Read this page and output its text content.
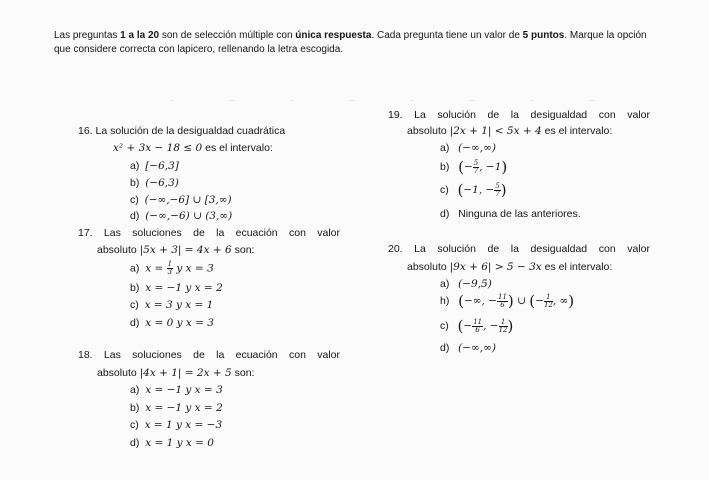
Las preguntas 1 a la 20 son de selección múltiple con única respuesta. Cada pregunta tiene un valor de 5 puntos. Marque la opción que considere correcta con lapicero, rellenando la letra escogida.
16. La solución de la desigualdad cuadrática
x² + 3x − 18 ≤ 0 es el intervalo:
a) [−6,3]
b) (−6,3)
c) (−∞,−6] ∪ [3,∞)
d) (−∞,−6) ∪ (3,∞)
17. Las soluciones de la ecuación con valor
absoluto |5x + 3| = 4x + 6 son:
a) $x = \frac{1}{3}$ y x = 3
b) x = −1 y x = 2
c) x = 3 y x = 1
d) x = 0 y x = 3
18. Las soluciones de la ecuación con valor
absoluto |4x + 1| = 2x + 5 son:
a) x = −1 y x = 3
b) x = −1 y x = 2
c) x = 1 y x = −3
d) x = 1 y x = 0
19. La solución de la desigualdad con valor
absoluto |2x + 1| < 5x + 4 es el intervalo:
a) (−∞,∞)
b) (− $\frac{5}{7}$ , −1)
c) (−1, − $\frac{5}{7}$ )
d) Ninguna de las anteriores.
20. La solución de la desigualdad con valor
absoluto |9x + 6| > 5 − 3x es el intervalo:
a) (−9,5)
h) (−∞, − $\frac{11}{6}$ ) ∪ (− $\frac{1}{12}$ , ∞)
c) (− $\frac{11}{6}$ , − $\frac{1}{12}$ )
d) (−∞,∞)
